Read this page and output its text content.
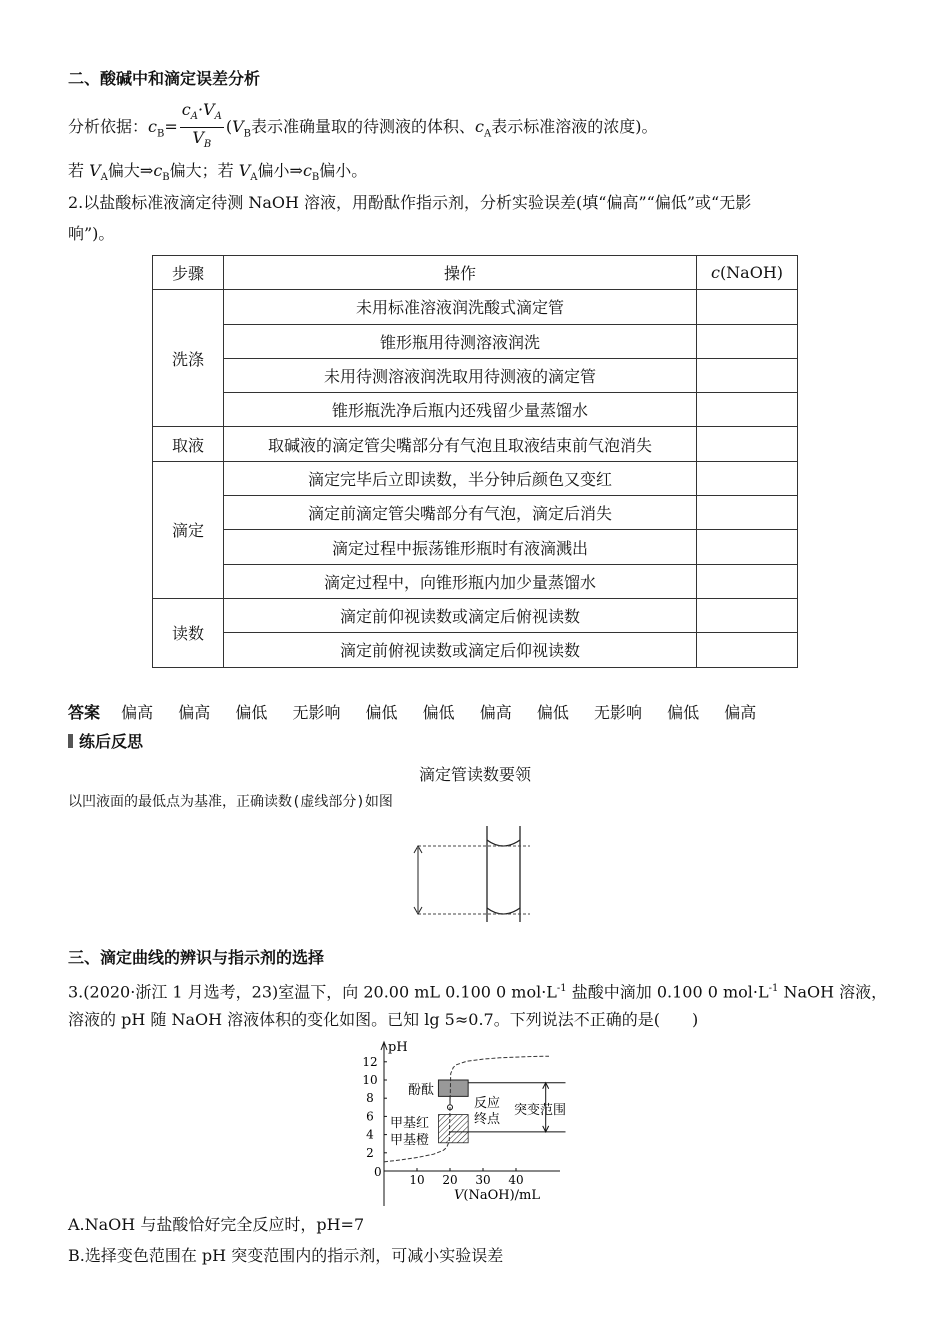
二、酸碱中和滴定误差分析
分析依据：$c_B= \frac{c_A\cdot V_A}{V_B} (V_B$表示准确量取的待测液的体积、$c_A$表示标准溶液的浓度)。
若 $V_A$偏大$\Rightarrow c_B$偏大；若 $V_A$偏小$\Rightarrow c_B$偏小。
2.以盐酸标准液滴定待测 NaOH 溶液，用酚酞作指示剂，分析实验误差(填“偏高”“偏低”或“无影
响”)。
步骤	操作	c(NaOH)
洗涤	未用标准溶液润洗酸式滴定管	
	锥形瓶用待测溶液润洗	
	未用待测溶液润洗取用待测液的滴定管	
	锥形瓶洗净后瓶内还残留少量蒸馏水	
取液	取碱液的滴定管尖嘴部分有气泡且取液结束前气泡消失	
滴定	滴定完毕后立即读数，半分钟后颜色又变红	
	滴定前滴定管尖嘴部分有气泡，滴定后消失	
	滴定过程中振荡锥形瓶时有液滴溅出	
	滴定过程中，向锥形瓶内加少量蒸馏水	
读数	滴定前仰视读数或滴定后俯视读数	
	滴定前俯视读数或滴定后仰视读数	
答案 偏高 偏高 偏低 无影响 偏低 偏低 偏高 偏低 无影响 偏低 偏高
练后反思
滴定管读数要领
以凹液面的最低点为基准，正确读数(虚线部分)如图
三、滴定曲线的辨识与指示剂的选择
3.(2020·浙江 1 月选考，23)室温下，向 20.00 mL 0.100 0 $mol\cdot L^{-1}$ 盐酸中滴加 0.100 0 $mol\cdot L^{-1}$ NaOH 溶液，
溶液的 pH 随 NaOH 溶液体积的变化如图。已知 lg 5≈0.7。下列说法不正确的是(　　)
pH
0
2
4
6
8
10
12
10 20 30 40
V(NaOH)/mL
酚酞
反应
终点
突变范围
甲基红
甲基橙
A.NaOH 与盐酸恰好完全反应时，pH=7
B.选择变色范围在 pH 突变范围内的指示剂，可减小实验误差
